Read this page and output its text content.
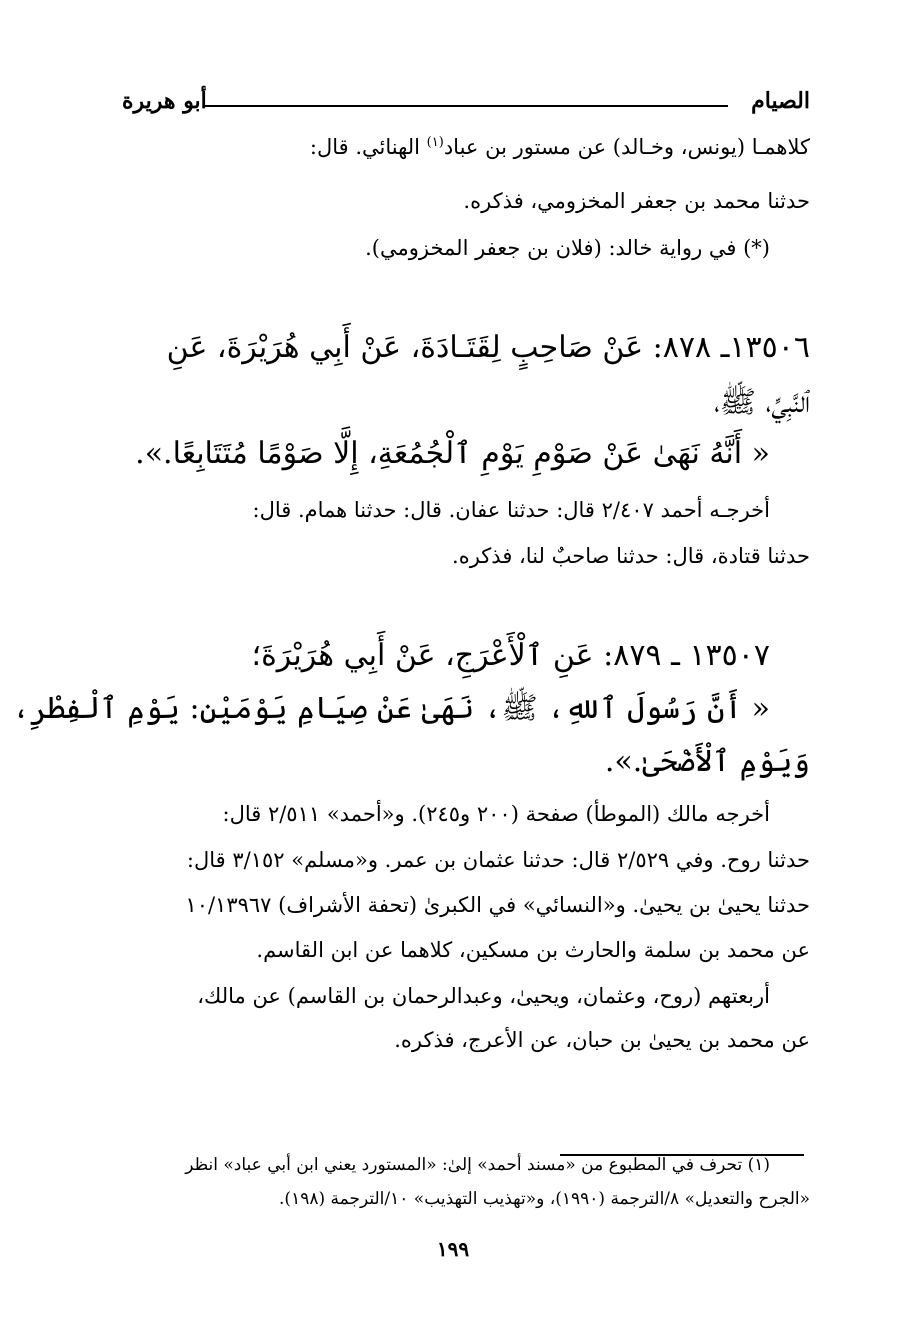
الصيام
أبو هريرة
كلاهمـا (يونس، وخـالد) عن مستور بن عباد$^{(١)}$ الهنائي. قال:
حدثنا محمد بن جعفر المخزومي، فذكره.
(*) في رواية خالد: (فلان بن جعفر المخزومي).
١٣٥٠٦ـ ٨٧٨: عَنْ صَاحِبٍ لِقَتَـادَةَ، عَنْ أَبِي هُرَيْرَةَ، عَنِ
ٱلنَّبِيِّ، ﷺ،
« أَنَّهُ نَهَىٰ عَنْ صَوْمِ يَوْمِ ٱلْجُمُعَةِ، إِلَّا صَوْمًا مُتَتَابِعًا.».
أخرجـه أحمد ٢/٤٠٧ قال: حدثنا عفان. قال: حدثنا همام. قال:
حدثنا قتادة، قال: حدثنا صاحبٌ لنا، فذكره.
١٣٥٠٧ ـ ٨٧٩: عَنِ ٱلْأَعْرَجِ، عَنْ أَبِي هُرَيْرَةَ؛
« أَنَّ رَسُولَ ٱللهِ، ﷺ، نَهَىٰ عَنْ صِيَامِ يَوْمَيْنِ: يَوْمِ ٱلْفِطْرِ،
وَيَوْمِ ٱلْأَضْحَىٰ.».
أخرجه مالك (الموطأ) صفحة (٢٠٠ و٢٤٥). و«أحمد» ٢/٥١١ قال:
حدثنا روح. وفي ٢/٥٢٩ قال: حدثنا عثمان بن عمر. و«مسلم» ٣/١٥٢ قال:
حدثنا يحيىٰ بن يحيىٰ. و«النسائي» في الكبرىٰ (تحفة الأشراف) ١٠/١٣٩٦٧
عن محمد بن سلمة والحارث بن مسكين، كلاهما عن ابن القاسم.
أربعتهم (روح، وعثمان، ويحيىٰ، وعبدالرحمان بن القاسم) عن مالك،
عن محمد بن يحيىٰ بن حبان، عن الأعرج، فذكره.
(١) تحرف في المطبوع من «مسند أحمد» إلىٰ: «المستورد يعني ابن أبي عباد» انظر
«الجرح والتعديل» ٨/الترجمة (١٩٩٠)، و«تهذيب التهذيب» ١٠/الترجمة (١٩٨).
١٩٩
